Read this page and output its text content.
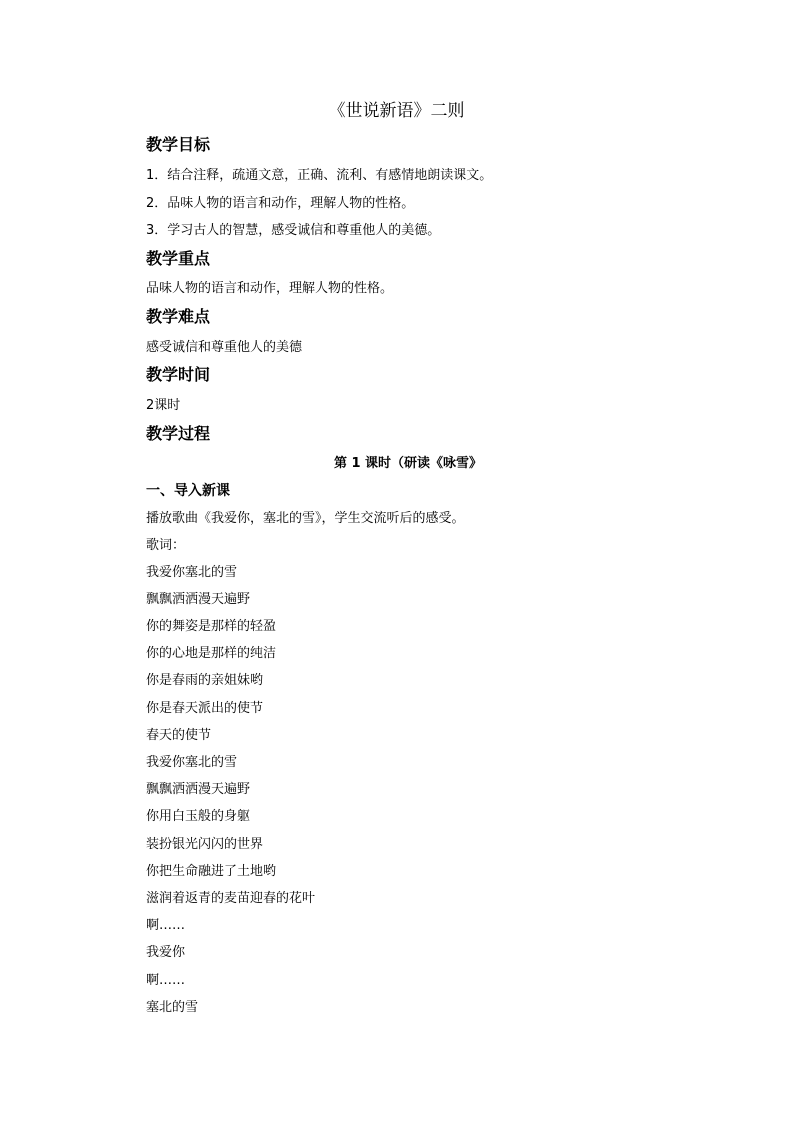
《世说新语》二则
教学目标
1．结合注释，疏通文意，正确、流利、有感情地朗读课文。
2．品味人物的语言和动作，理解人物的性格。
3．学习古人的智慧，感受诚信和尊重他人的美德。
教学重点
品味人物的语言和动作，理解人物的性格。
教学难点
感受诚信和尊重他人的美德
教学时间
2课时
教学过程
第 1 课时（研读《咏雪》
一、导入新课
播放歌曲《我爱你，塞北的雪》，学生交流听后的感受。
歌词：
我爱你塞北的雪
飘飘洒洒漫天遍野
你的舞姿是那样的轻盈
你的心地是那样的纯洁
你是春雨的亲姐妹哟
你是春天派出的使节
春天的使节
我爱你塞北的雪
飘飘洒洒漫天遍野
你用白玉般的身躯
装扮银光闪闪的世界
你把生命融进了土地哟
滋润着返青的麦苗迎春的花叶
啊……
我爱你
啊……
塞北的雪
